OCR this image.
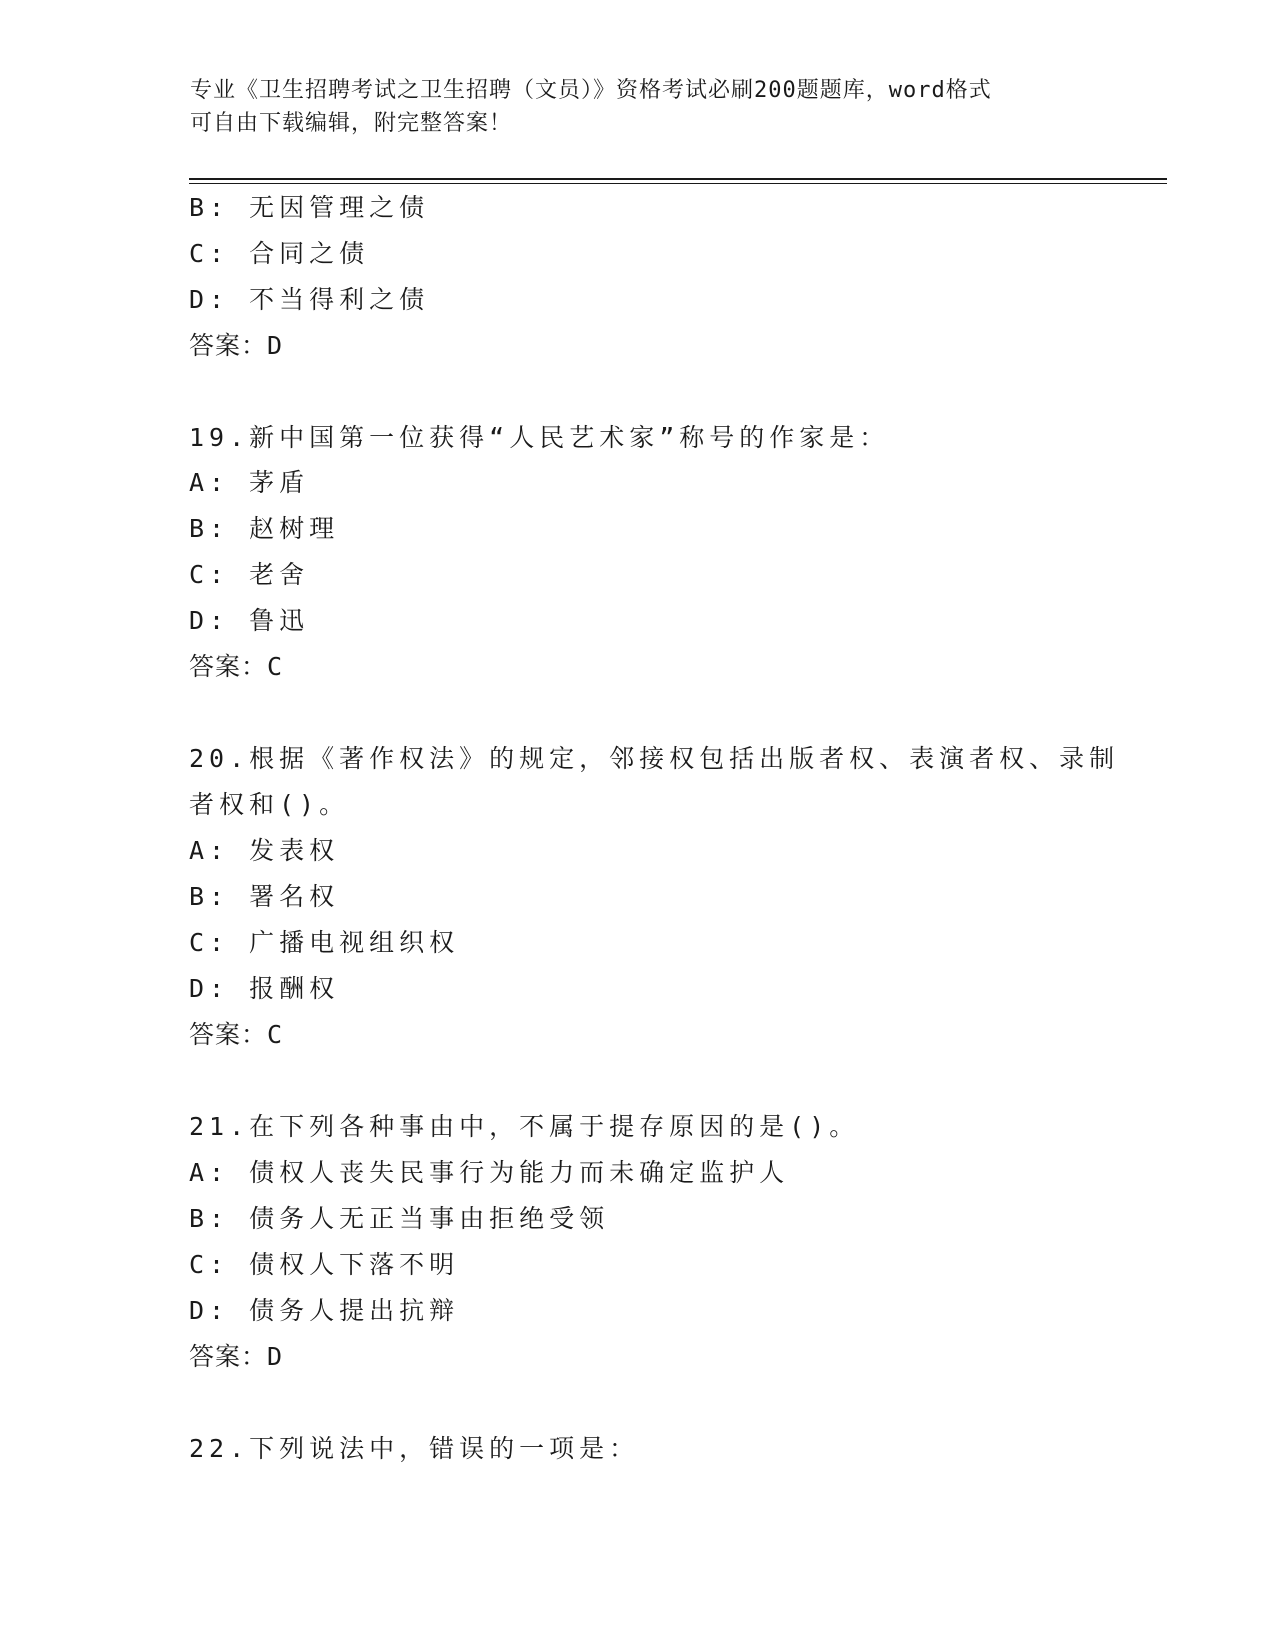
专业《卫生招聘考试之卫生招聘（文员）》资格考试必刷200题题库，word格式
可自由下载编辑，附完整答案！
B: 无因管理之债
C: 合同之债
D: 不当得利之债
答案：D
19.新中国第一位获得“人民艺术家”称号的作家是：
A: 茅盾
B: 赵树理
C: 老舍
D: 鲁迅
答案：C
20.根据《著作权法》的规定，邻接权包括出版者权、表演者权、录制
者权和()。
A: 发表权
B: 署名权
C: 广播电视组织权
D: 报酬权
答案：C
21.在下列各种事由中，不属于提存原因的是()。
A: 债权人丧失民事行为能力而未确定监护人
B: 债务人无正当事由拒绝受领
C: 债权人下落不明
D: 债务人提出抗辩
答案：D
22.下列说法中，错误的一项是：
